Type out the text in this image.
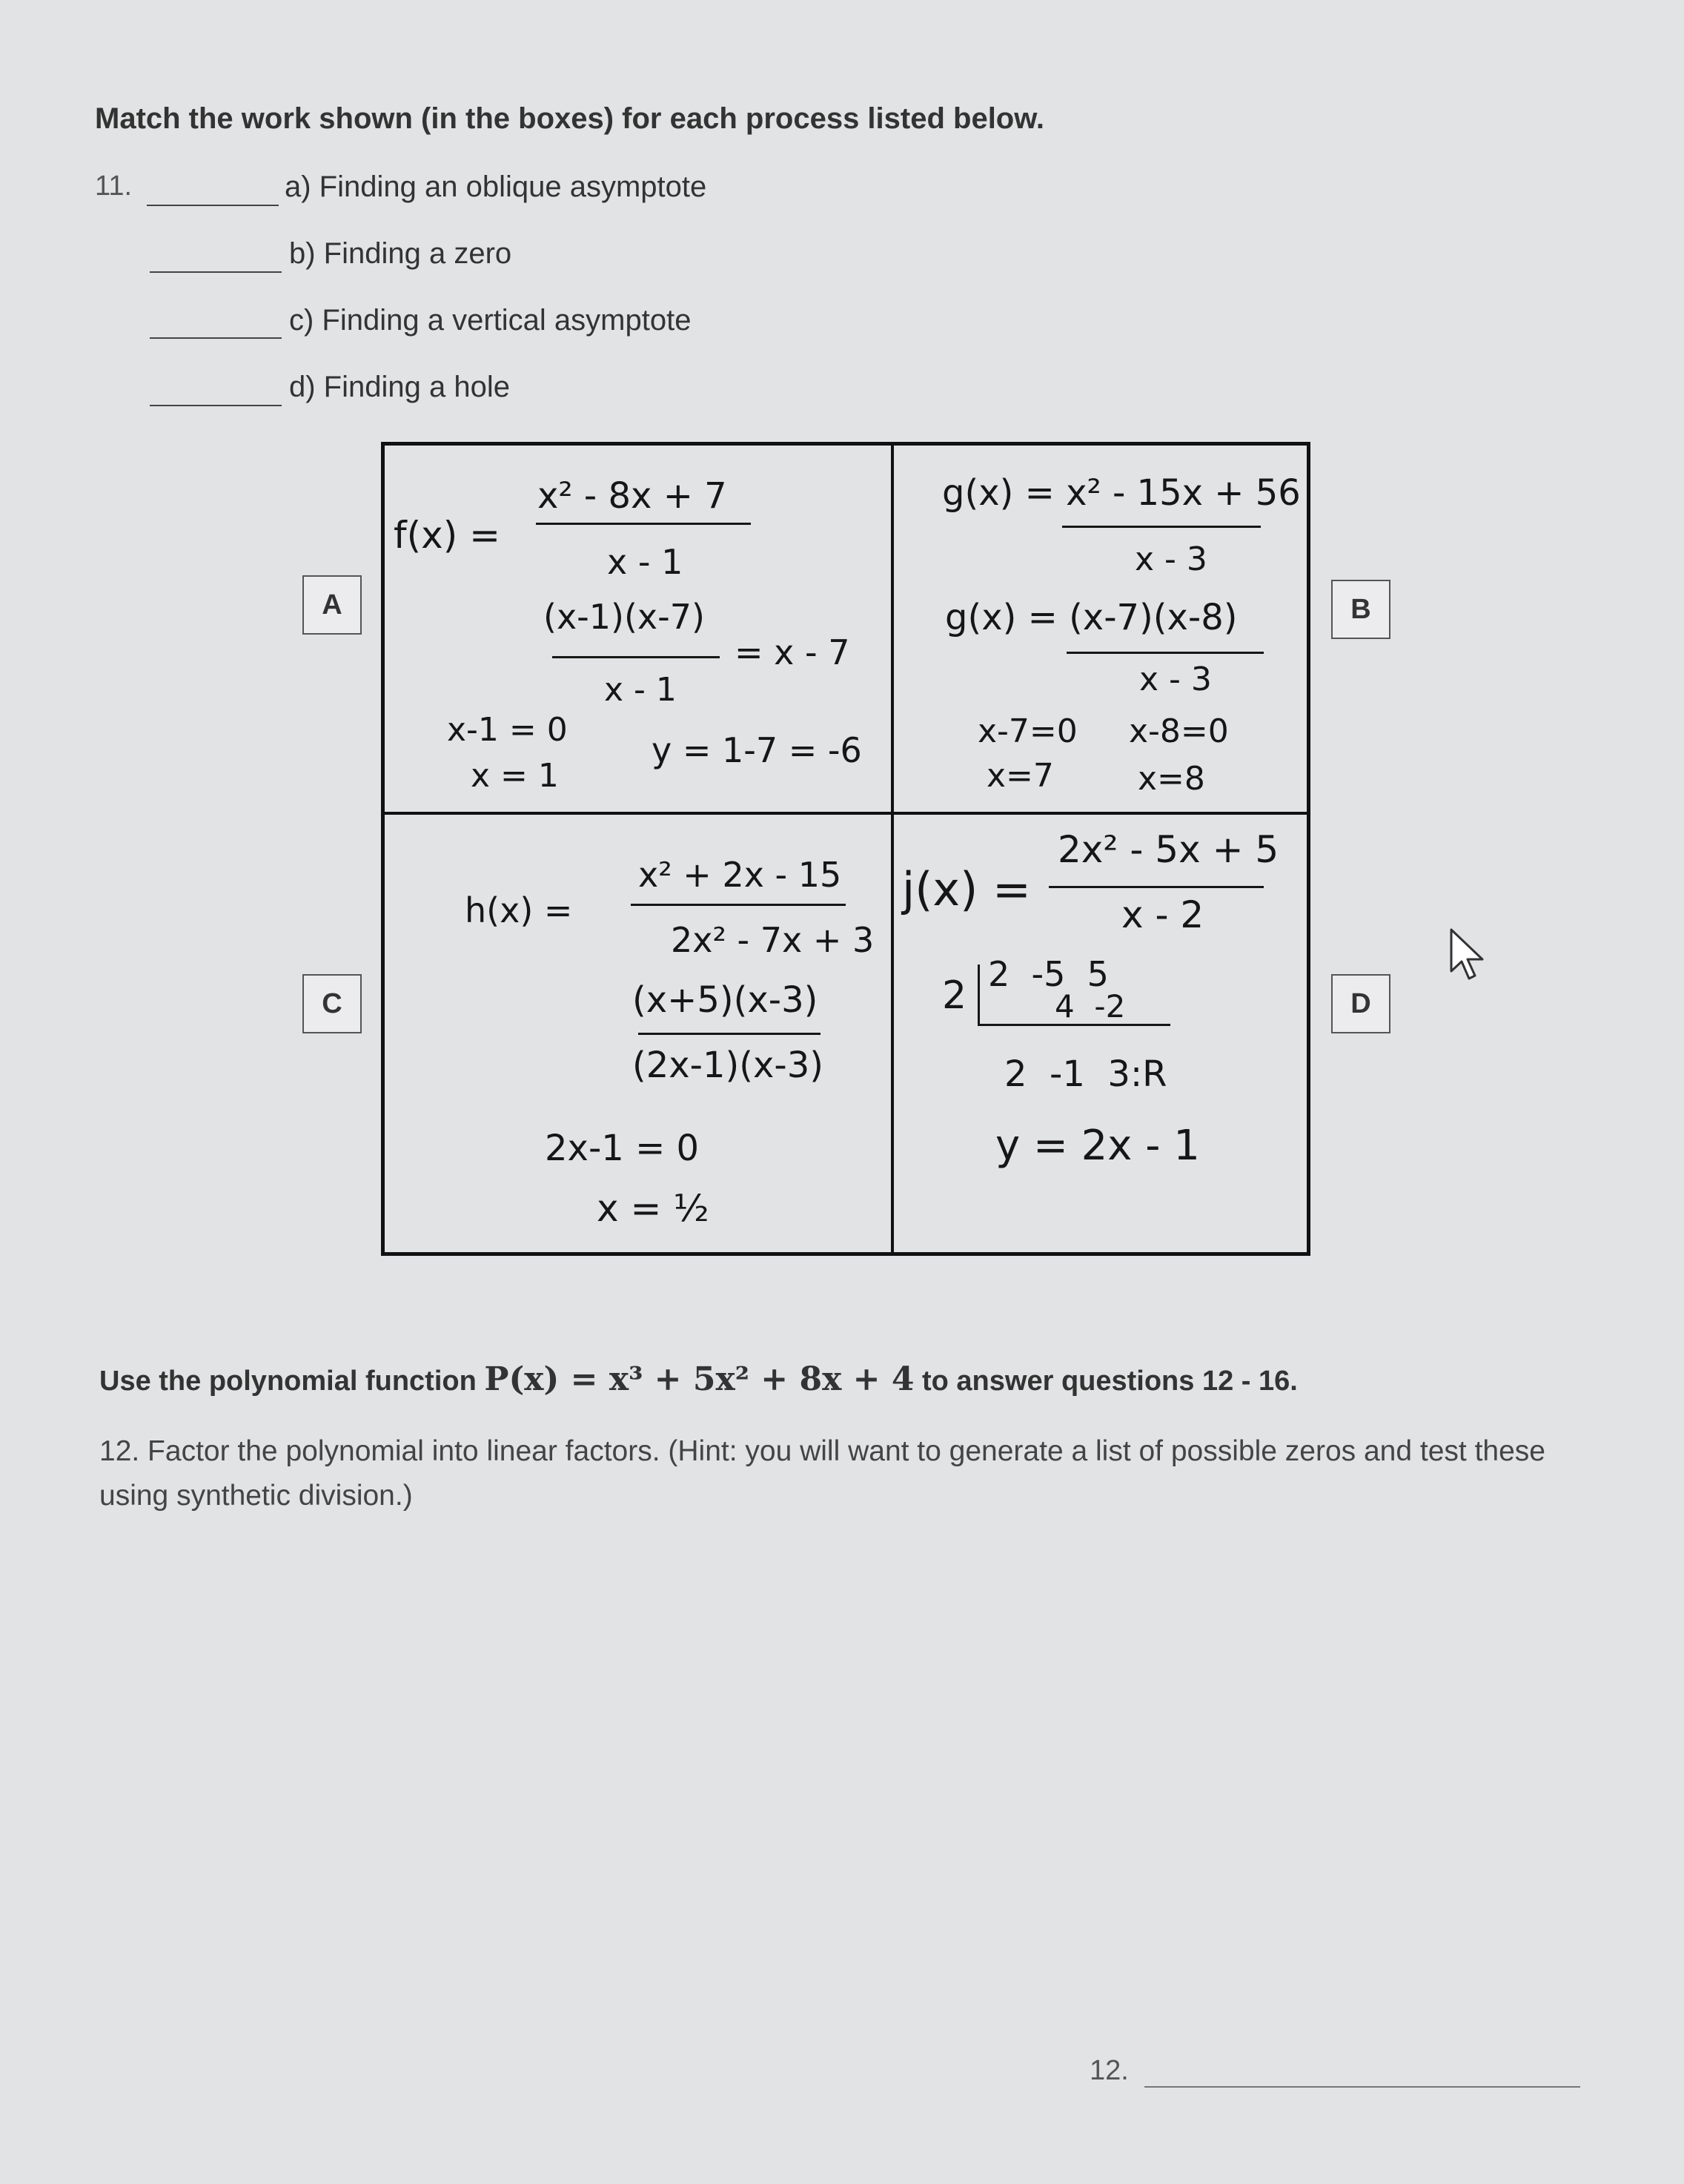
Match the work shown (in the boxes) for each process listed below.
11.	a) Finding an oblique asymptote
b) Finding a zero
c) Finding a vertical asymptote
d) Finding a hole
A	B
C	D
f(x) =
x² - 8x + 7
x - 1
(x-1)(x-7)
= x - 7
x - 1
x-1 = 0
x = 1
y = 1-7 = -6
g(x) = x² - 15x + 56
x - 3
g(x) = (x-7)(x-8)
x - 3
x-7=0 x-8=0
x=7	x=8
h(x) =
x² + 2x - 15
2x² - 7x + 3
(x+5)(x-3)
(2x-1)(x-3)
2x-1 = 0
x = ½
j(x) =
2x² - 5x + 5
x - 2
2 2  -5  5
4  -2
2  -1  3:R
y = 2x - 1
Use the polynomial function P(x) = x³ + 5x² + 8x + 4 to answer questions 12 - 16.
12. Factor the polynomial into linear factors. (Hint: you will want to generate a list of possible zeros and test these using synthetic division.)
12.
